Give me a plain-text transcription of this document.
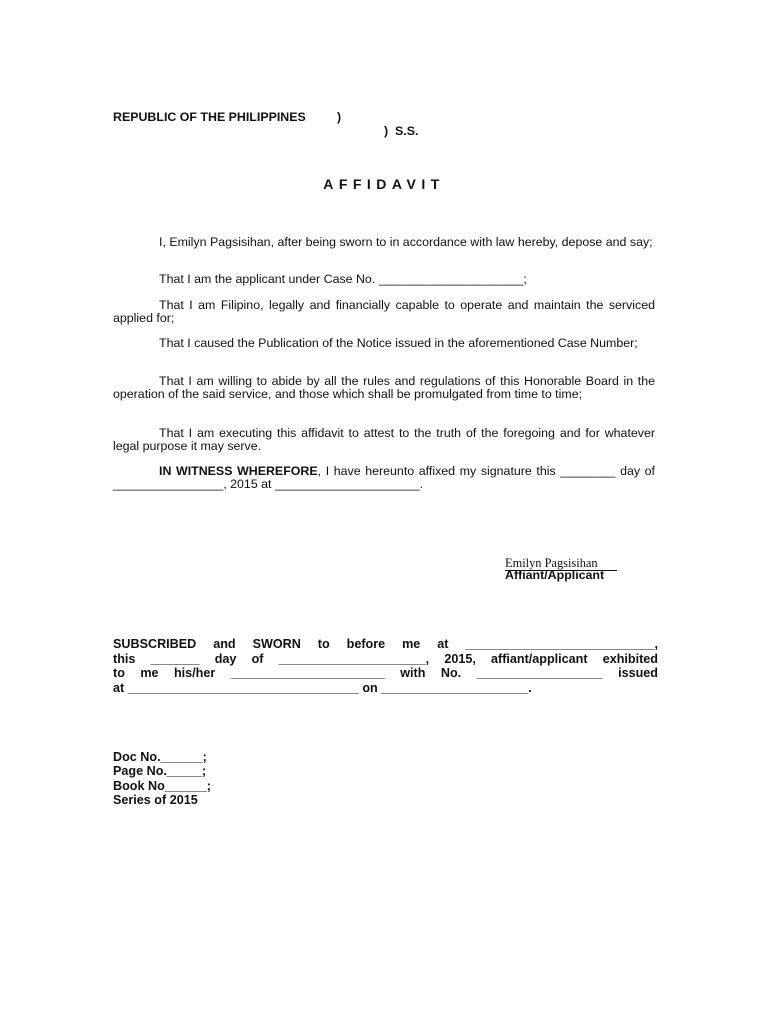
REPUBLIC OF THE PHILIPPINES	)
)  S.S.
AFFIDAVIT
I, Emilyn Pagsisihan, after being sworn to in accordance with law hereby, depose and say;
That I am the applicant under Case No. _____________________;
That I am Filipino, legally and financially capable to operate and maintain the serviced applied for;
That I caused the Publication of the Notice issued in the aforementioned Case Number;
That I am willing to abide by all the rules and regulations of this Honorable Board in the operation of the said service, and those which shall be promulgated from time to time;
That I am executing this affidavit to attest to the truth of the foregoing and for whatever legal purpose it may serve.
IN WITNESS WHEREFORE, I have hereunto affixed my signature this ________ day of ________________, 2015 at _____________________.
Emilyn Pagsisihan
Affiant/Applicant
SUBSCRIBED and SWORN to before me at ___________________________,
this _______ day of _____________________, 2015, affiant/applicant exhibited
to me his/her ______________________ with No. __________________ issued
at _________________________________ on _____________________.
Doc No.______;
Page No._____;
Book No______;
Series of 2015
